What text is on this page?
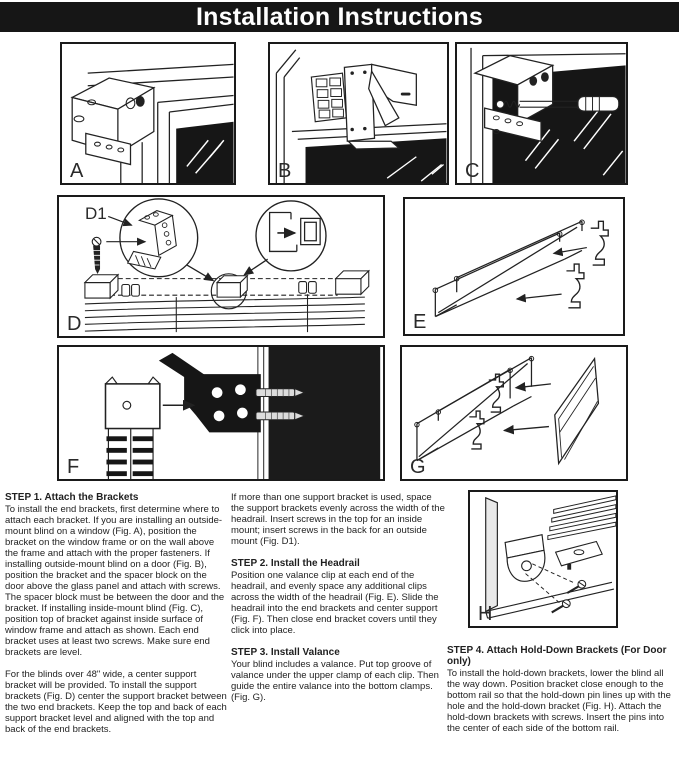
Installation Instructions
A	B	C
D1
D	E
F	G
H
STEP 1. Attach the Brackets

To install the end brackets, first determine where to attach each bracket. If you are installing an outside-mount blind on a window (Fig. A), position the bracket on the window frame or on the wall above the frame and attach with the proper fasteners. If installing outside-mount blind on a door (Fig. B), position the bracket and the spacer block on the door above the glass panel and attach with screws. The spacer block must be between the door and the bracket. If installing inside-mount blind (Fig. C), position top of bracket against inside surface of window frame and attach as shown. Each end bracket uses at least two screws. Make sure end brackets are level.

For the blinds over 48" wide, a center support bracket will be provided. To install the support brackets (Fig. D) center the support bracket between the two end brackets. Keep the top and back of each support bracket level and aligned with the top and back of the end brackets.

If more than one support bracket is used, space the support brackets evenly across the width of the headrail. Insert screws in the top for an inside mount; insert screws in the back for an outside mount (Fig. D1).

STEP 2. Install the Headrail

Position one valance clip at each end of the headrail, and evenly space any additional clips across the width of the headrail (Fig. E). Slide the headrail into the end brackets and center support (Fig. F). Then close end bracket covers until they click into place.

STEP 3. Install Valance

Your blind includes a valance. Put top groove of valance under the upper clamp of each clip. Then guide the entire valance into the bottom clamps. (Fig. G).

STEP 4. Attach Hold-Down Brackets (For Door only)

To install the hold-down brackets, lower the blind all the way down. Position bracket close enough to the bottom rail so that the hold-down pin lines up with the hole and the hold-down bracket (Fig. H). Attach the hold-down brackets with screws. Insert the pins into the center of each side of the bottom rail.
